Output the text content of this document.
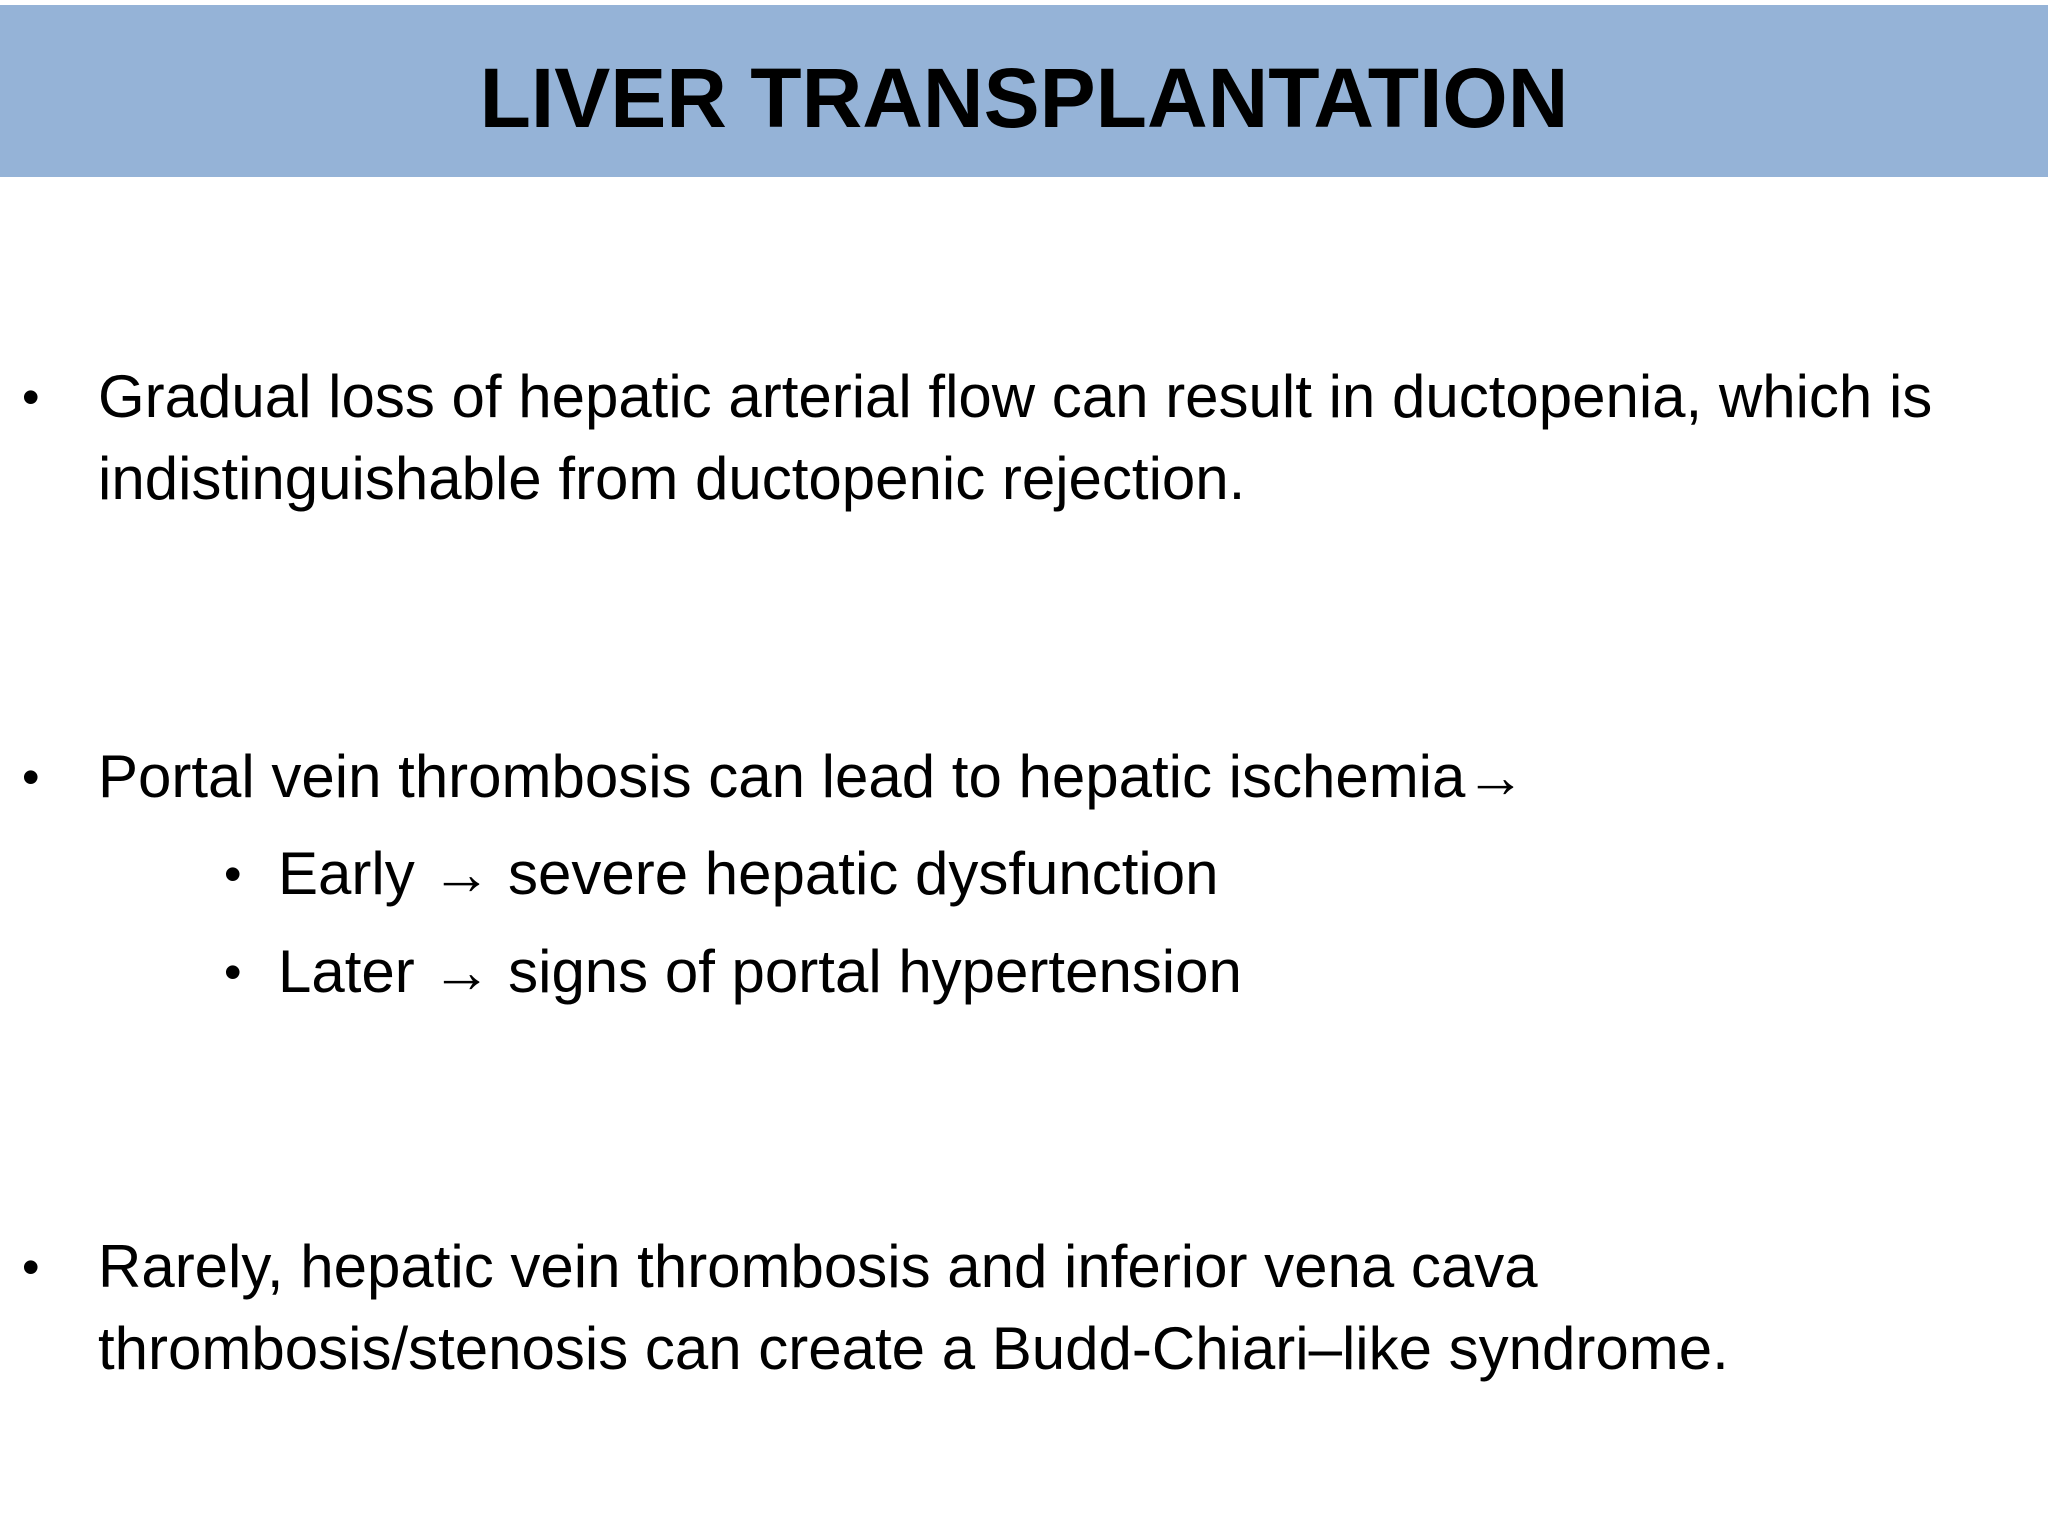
LIVER TRANSPLANTATION
• Gradual loss of hepatic arterial flow can result in ductopenia, which is
indistinguishable from ductopenic rejection.

• Portal vein thrombosis can lead to hepatic ischemia→

• Early → severe hepatic dysfunction
• Later → signs of portal hypertension
• Rarely, hepatic vein thrombosis and inferior vena cava
thrombosis/stenosis can create a Budd-Chiari–like syndrome.
